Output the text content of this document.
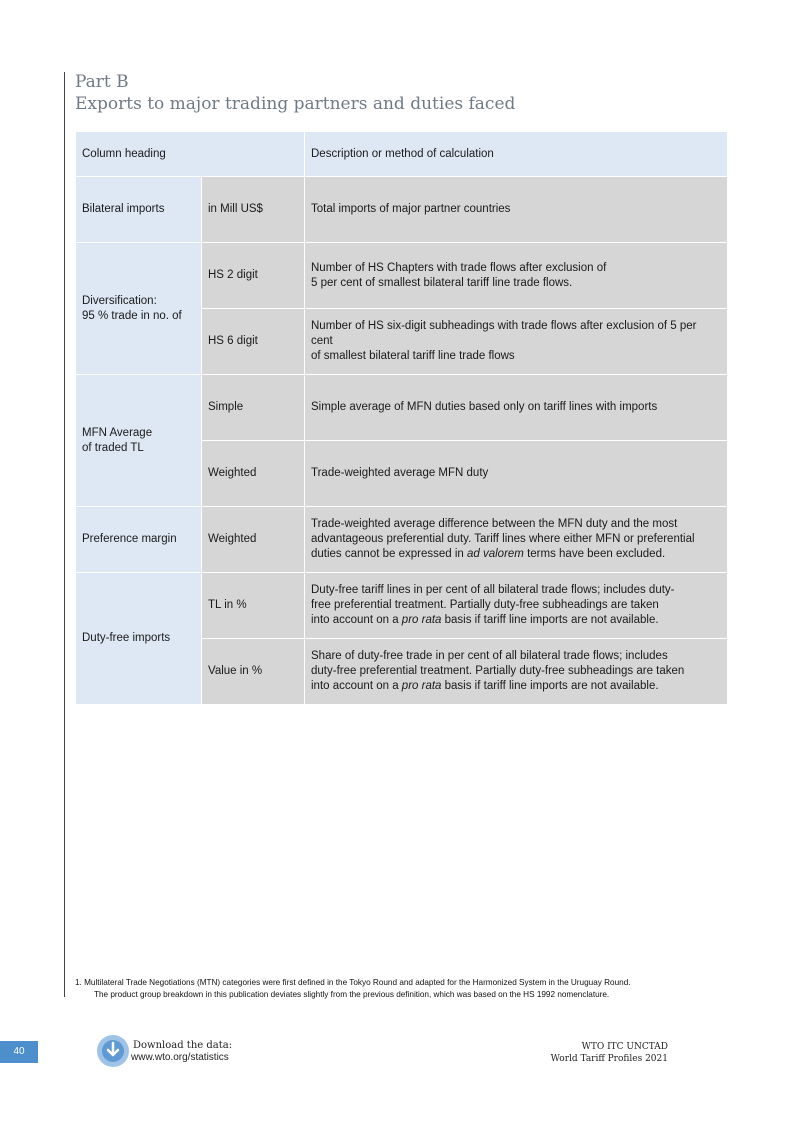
Part B
Exports to major trading partners and duties faced
Column heading		Description or method of calculation
Bilateral imports	in Mill US$	Total imports of major partner countries
Diversification:
95 % trade in no. of	HS 2 digit	Number of HS Chapters with trade flows after exclusion of
5 per cent of smallest bilateral tariff line trade flows.
	HS 6 digit	Number of HS six-digit subheadings with trade flows after exclusion of 5 per
cent
of smallest bilateral tariff line trade flows
MFN Average
of traded TL	Simple	Simple average of MFN duties based only on tariff lines with imports
	Weighted	Trade-weighted average MFN duty
Preference margin	Weighted	Trade-weighted average difference between the MFN duty and the most
advantageous preferential duty. Tariff lines where either MFN or preferential
duties cannot be expressed in ad valorem terms have been excluded.
Duty-free imports	TL in %	Duty-free tariff lines in per cent of all bilateral trade flows; includes duty-
free preferential treatment. Partially duty-free subheadings are taken
into account on a pro rata basis if tariff line imports are not available.
	Value in %	Share of duty-free trade in per cent of all bilateral trade flows; includes
duty-free preferential treatment. Partially duty-free subheadings are taken
into account on a pro rata basis if tariff line imports are not available.
1. Multilateral Trade Negotiations (MTN) categories were first defined in the Tokyo Round and adapted for the Harmonized System in the Uruguay Round.
The product group breakdown in this publication deviates slightly from the previous definition, which was based on the HS 1992 nomenclature.
40
Download the data:
www.wto.org/statistics
WTO ITC UNCTAD
World Tariff Profiles 2021
